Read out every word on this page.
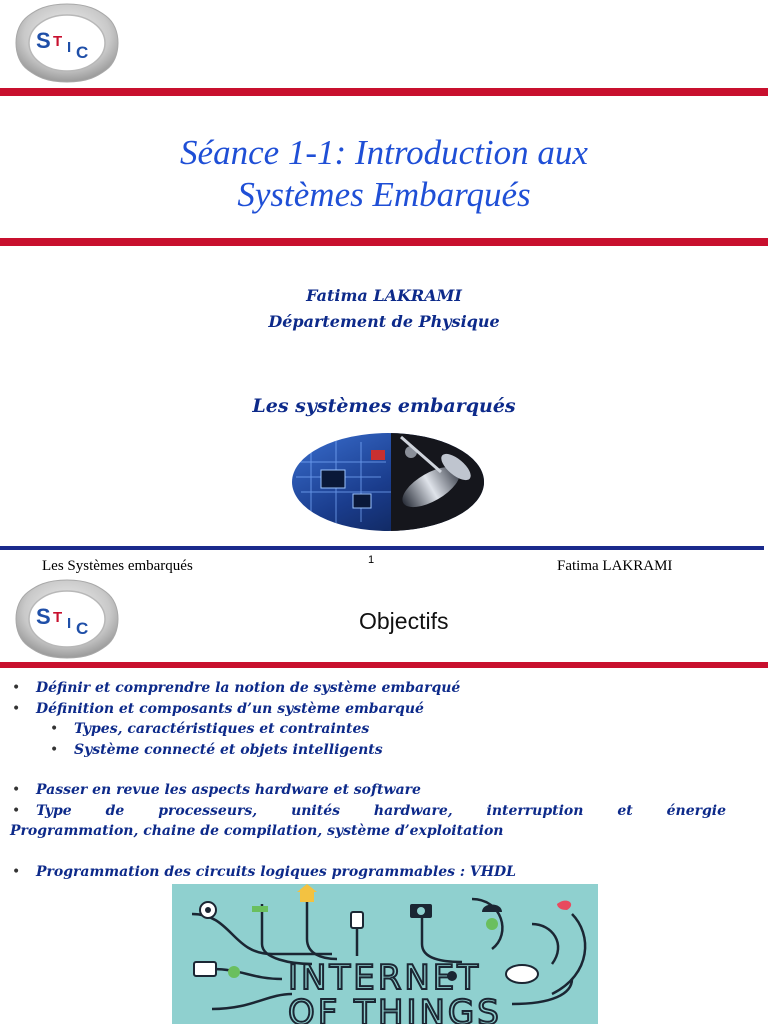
S T I C
Séance 1-1: Introduction aux
Systèmes Embarqués
Fatima LAKRAMI
Département de Physique
Les systèmes embarqués
Les Systèmes embarqués	1	Fatima LAKRAMI
S T I C	Objectifs
• Définir et comprendre la notion de système embarqué
• Définition et composants d’un système embarqué
• Types, caractéristiques et contraintes
• Système connecté et objets intelligents
• Passer en revue les aspects hardware et software
• Type de processeurs, unités hardware, interruption et énergie
Programmation, chaine de compilation, système d’exploitation
• Programmation des circuits logiques programmables : VHDL
INTERNET
OF THINGS
